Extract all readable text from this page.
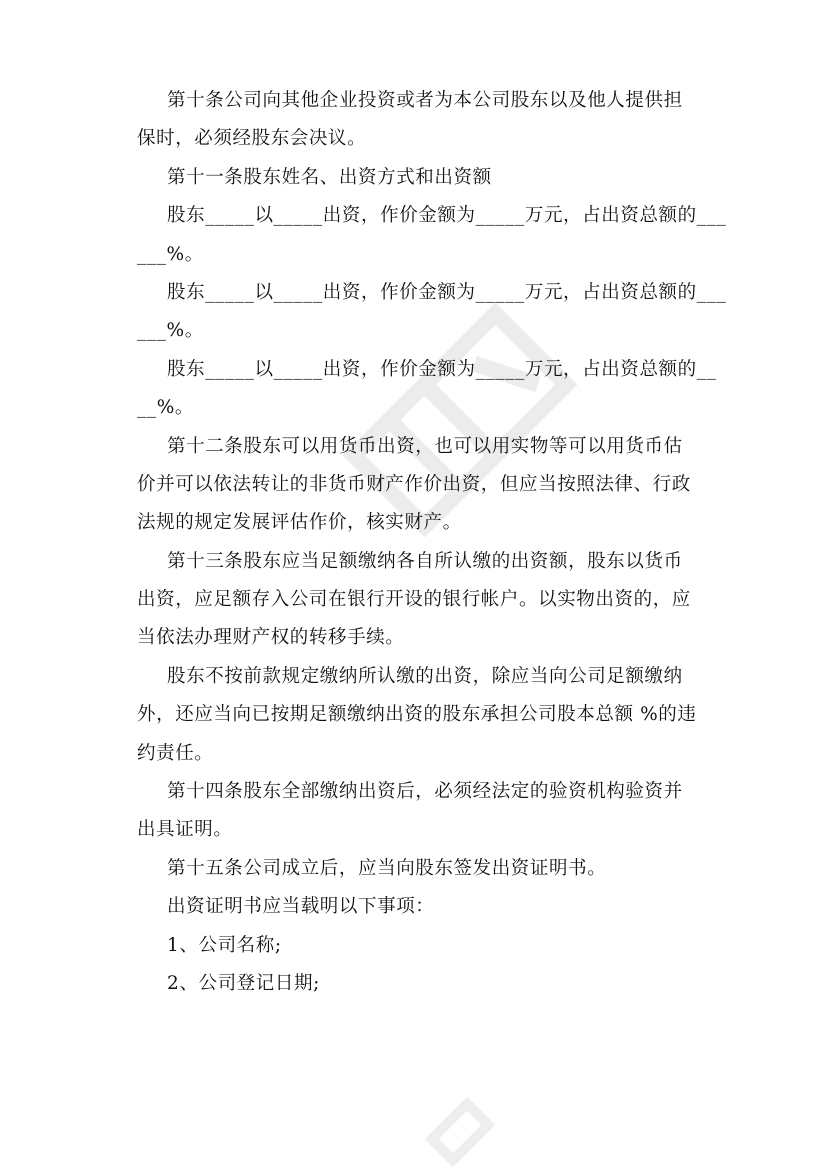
第十条公司向其他企业投资或者为本公司股东以及他人提供担
保时，必须经股东会决议。
第十一条股东姓名、出资方式和出资额
股东_____以_____出资，作价金额为_____万元，占出资总额的___
___%。
股东_____以_____出资，作价金额为_____万元，占出资总额的___
___%。
股东_____以_____出资，作价金额为_____万元，占出资总额的__
__%。
第十二条股东可以用货币出资，也可以用实物等可以用货币估
价并可以依法转让的非货币财产作价出资，但应当按照法律、行政
法规的规定发展评估作价，核实财产。
第十三条股东应当足额缴纳各自所认缴的出资额，股东以货币
出资，应足额存入公司在银行开设的银行帐户。以实物出资的，应
当依法办理财产权的转移手续。
股东不按前款规定缴纳所认缴的出资，除应当向公司足额缴纳
外，还应当向已按期足额缴纳出资的股东承担公司股本总额 %的违
约责任。
第十四条股东全部缴纳出资后，必须经法定的验资机构验资并
出具证明。
第十五条公司成立后，应当向股东签发出资证明书。
出资证明书应当载明以下事项：
1、公司名称;
2、公司登记日期;
